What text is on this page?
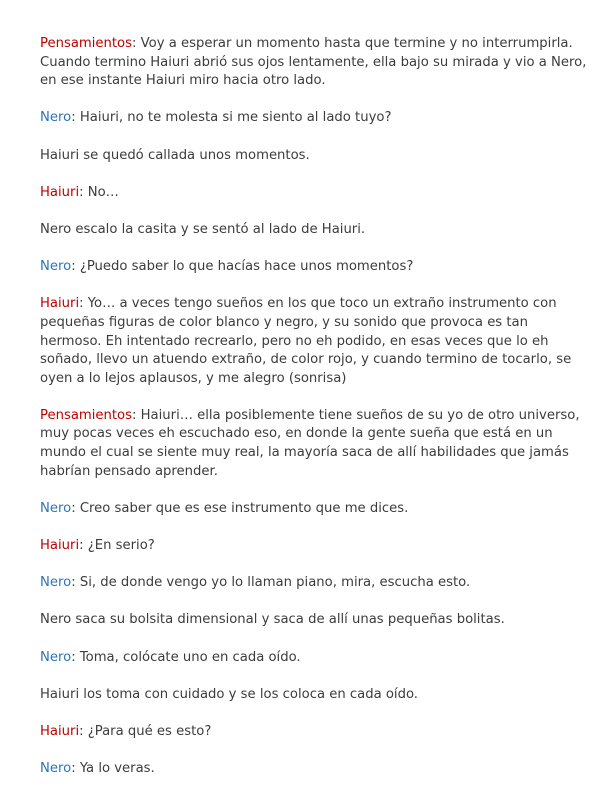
Pensamientos: Voy a esperar un momento hasta que termine y no interrumpirla. Cuando termino Haiuri abrió sus ojos lentamente, ella bajo su mirada y vio a Nero, en ese instante Haiuri miro hacia otro lado.

Nero: Haiuri, no te molesta si me siento al lado tuyo?

Haiuri se quedó callada unos momentos.

Haiuri: No…

Nero escalo la casita y se sentó al lado de Haiuri.

Nero: ¿Puedo saber lo que hacías hace unos momentos?

Haiuri: Yo… a veces tengo sueños en los que toco un extraño instrumento con pequeñas figuras de color blanco y negro, y su sonido que provoca es tan hermoso. Eh intentado recrearlo, pero no eh podido, en esas veces que lo eh soñado, llevo un atuendo extraño, de color rojo, y cuando termino de tocarlo, se oyen a lo lejos aplausos, y me alegro (sonrisa)

Pensamientos: Haiuri… ella posiblemente tiene sueños de su yo de otro universo, muy pocas veces eh escuchado eso, en donde la gente sueña que está en un mundo el cual se siente muy real, la mayoría saca de allí habilidades que jamás habrían pensado aprender.

Nero: Creo saber que es ese instrumento que me dices.

Haiuri: ¿En serio?

Nero: Si, de donde vengo yo lo llaman piano, mira, escucha esto.

Nero saca su bolsita dimensional y saca de allí unas pequeñas bolitas.

Nero: Toma, colócate uno en cada oído.

Haiuri los toma con cuidado y se los coloca en cada oído.

Haiuri: ¿Para qué es esto?

Nero: Ya lo veras.
